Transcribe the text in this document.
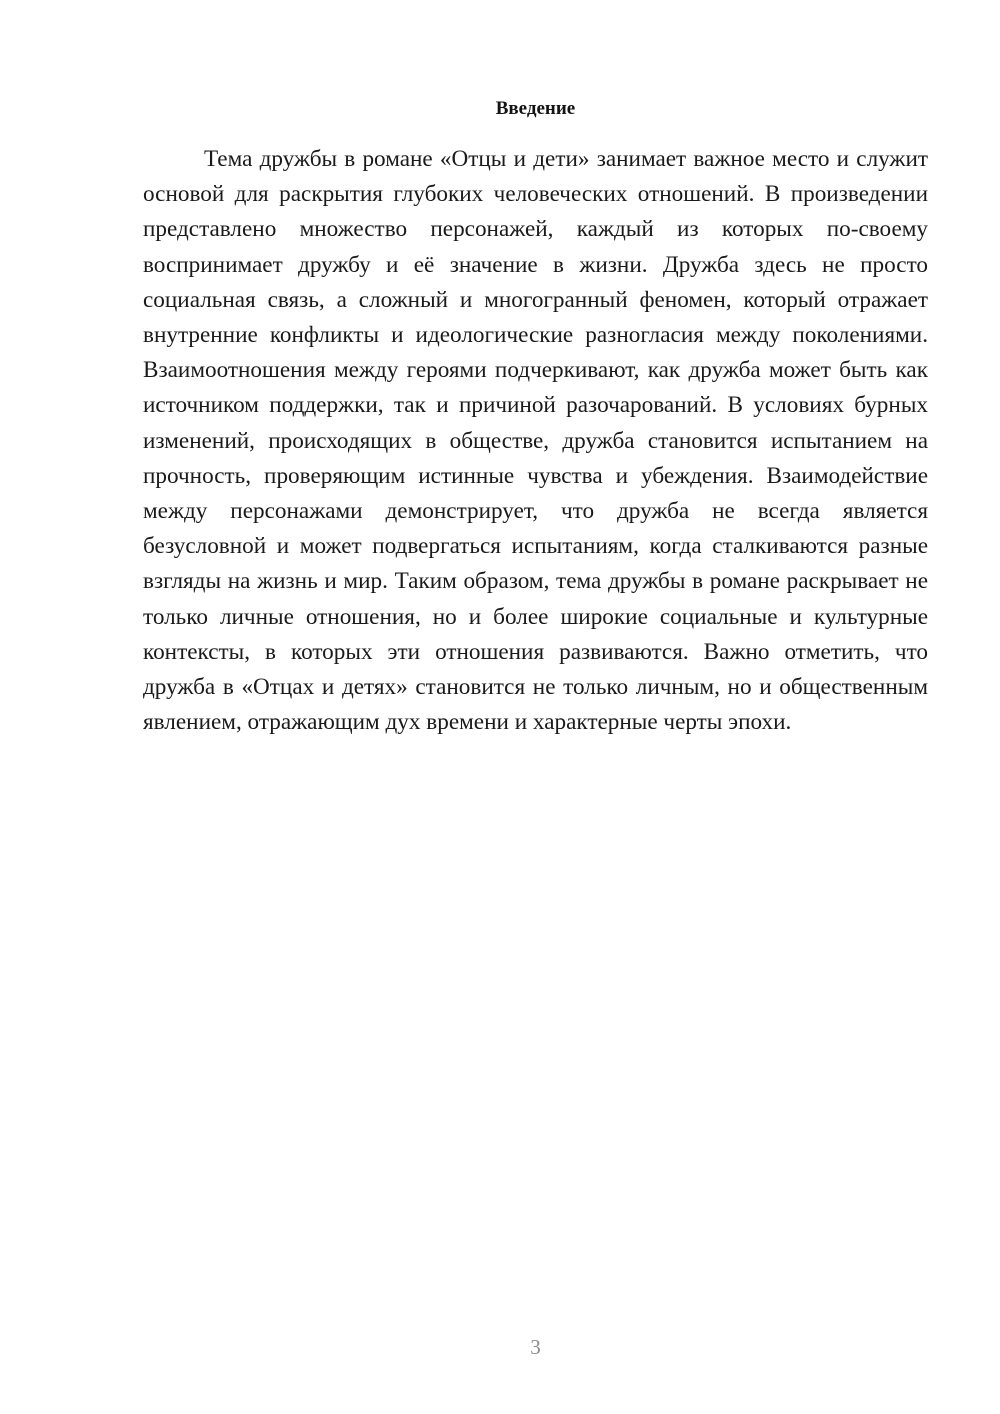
Введение

Тема дружбы в романе «Отцы и дети» занимает важное место и служит основой для раскрытия глубоких человеческих отношений. В произведении представлено множество персонажей, каждый из которых по-своему воспринимает дружбу и её значение в жизни. Дружба здесь не просто социальная связь, а сложный и многогранный феномен, который отражает внутренние конфликты и идеологические разногласия между поколениями. Взаимоотношения между героями подчеркивают, как дружба может быть как источником поддержки, так и причиной разочарований. В условиях бурных изменений, происходящих в обществе, дружба становится испытанием на прочность, проверяющим истинные чувства и убеждения. Взаимодействие между персонажами демонстрирует, что дружба не всегда является безусловной и может подвергаться испытаниям, когда сталкиваются разные взгляды на жизнь и мир. Таким образом, тема дружбы в романе раскрывает не только личные отношения, но и более широкие социальные и культурные контексты, в которых эти отношения развиваются. Важно отметить, что дружба в «Отцах и детях» становится не только личным, но и общественным явлением, отражающим дух времени и характерные черты эпохи.

3
